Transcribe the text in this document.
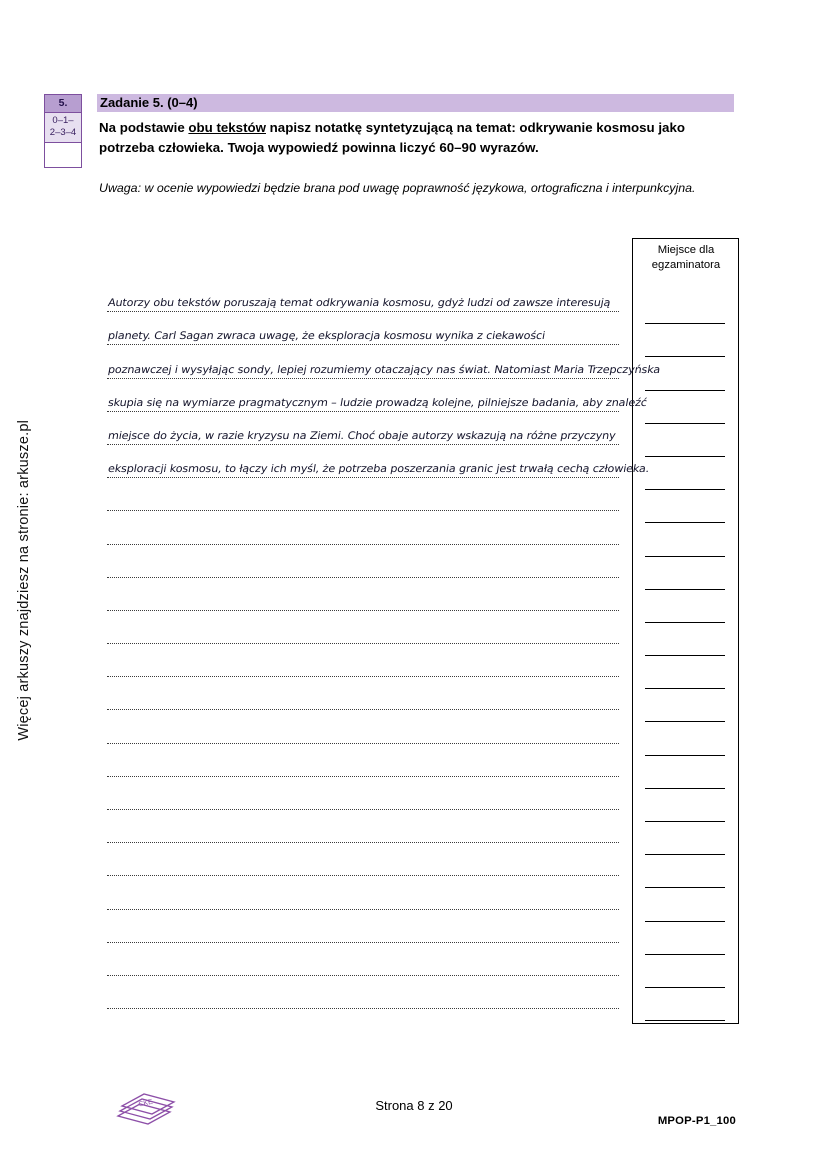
Więcej arkuszy znajdziesz na stronie: arkusze.pl
5.
0–1–
2–3–4
Zadanie 5. (0–4)
Na podstawie obu tekstów napisz notatkę syntetyzującą na temat: odkrywanie kosmosu jako potrzeba człowieka. Twoja wypowiedź powinna liczyć 60–90 wyrazów.
Uwaga: w ocenie wypowiedzi będzie brana pod uwagę poprawność językowa, ortograficzna i interpunkcyjna.
Miejsce dla
egzaminatora
Autorzy obu tekstów poruszają temat odkrywania kosmosu, gdyż ludzi od zawsze interesują
planety. Carl Sagan zwraca uwagę, że eksploracja kosmosu wynika z ciekawości
poznawczej i wysyłając sondy, lepiej rozumiemy otaczający nas świat. Natomiast Maria Trzepczyńska
skupia się na wymiarze pragmatycznym – ludzie prowadzą kolejne, pilniejsze badania, aby znaleźć
miejsce do życia, w razie kryzysu na Ziemi. Choć obaje autorzy wskazują na różne przyczyny
eksploracji kosmosu, to łączy ich myśl, że potrzeba poszerzania granic jest trwałą cechą człowieka.
CKE	Strona 8 z 20
MPOP-P1_100
